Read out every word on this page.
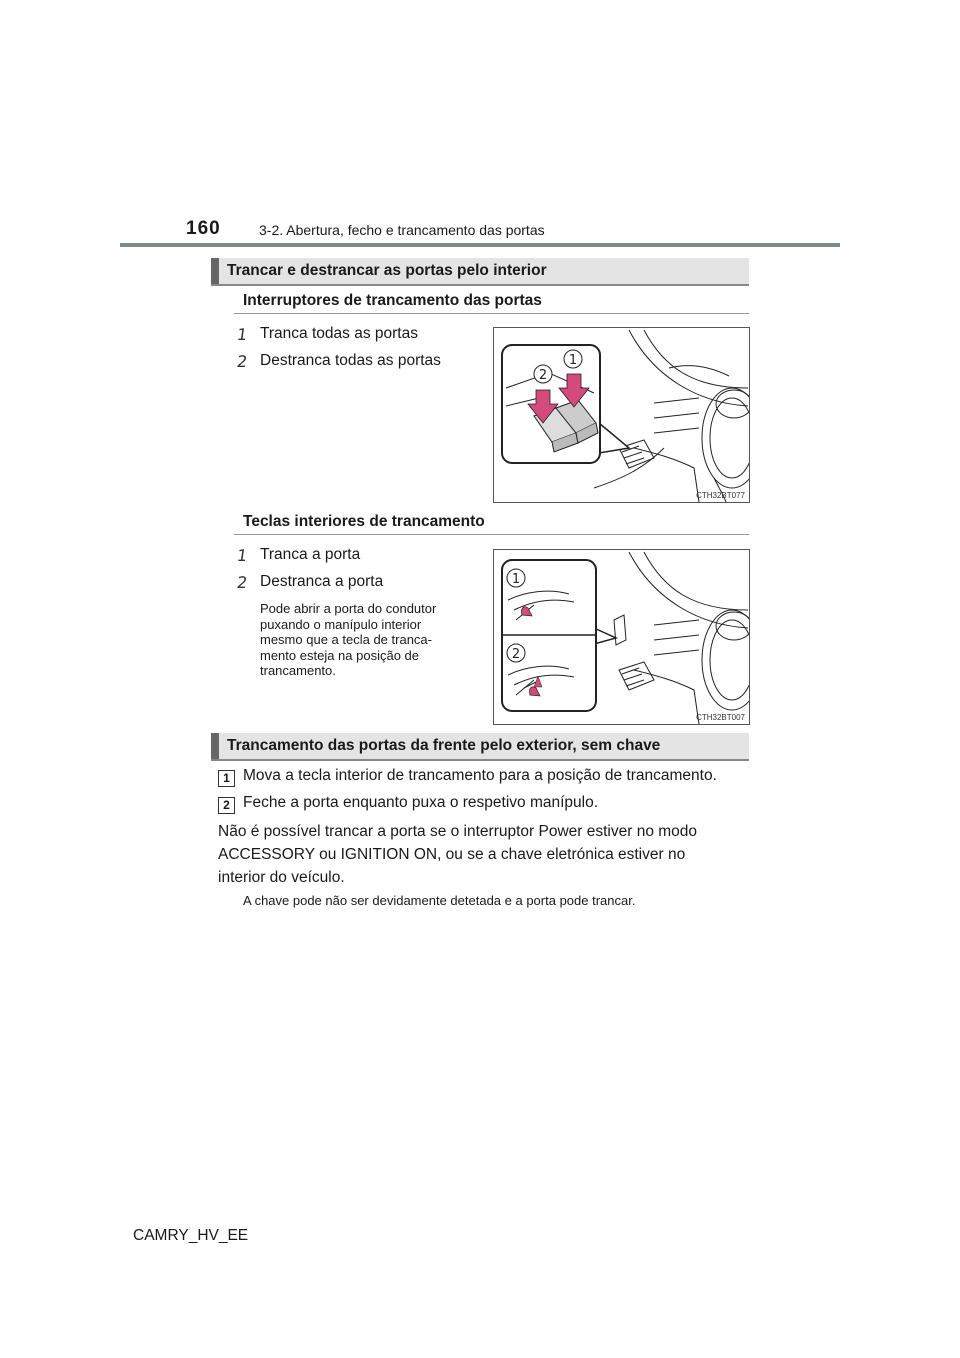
160	3-2. Abertura, fecho e trancamento das portas
Trancar e destrancar as portas pelo interior
Interruptores de trancamento das portas
1 Tranca todas as portas
2 Destranca todas as portas
2
1
CTH32BT077
Teclas interiores de trancamento
1 Tranca a porta
2 Destranca a porta
Pode abrir a porta do condutor
puxando o manípulo interior
mesmo que a tecla de tranca-
mento esteja na posição de
trancamento.
1
2
CTH32BT007
Trancamento das portas da frente pelo exterior, sem chave
1 Mova a tecla interior de trancamento para a posição de trancamento.
2 Feche a porta enquanto puxa o respetivo manípulo.
Não é possível trancar a porta se o interruptor Power estiver no modo
ACCESSORY ou IGNITION ON, ou se a chave eletrónica estiver no
interior do veículo.
A chave pode não ser devidamente detetada e a porta pode trancar.
CAMRY_HV_EE
